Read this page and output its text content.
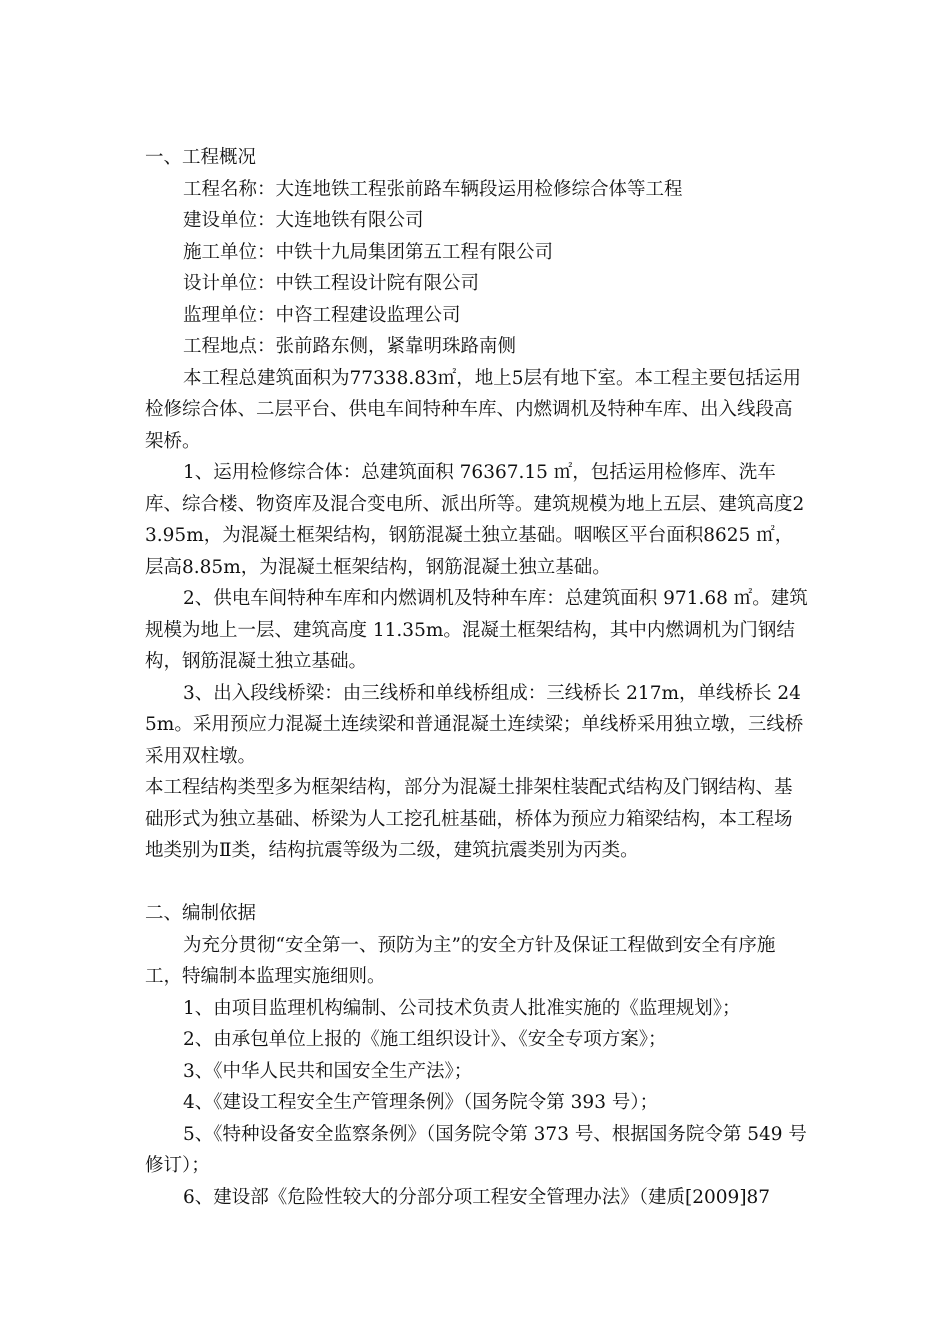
一、工程概况

工程名称：大连地铁工程张前路车辆段运用检修综合体等工程

建设单位：大连地铁有限公司

施工单位：中铁十九局集团第五工程有限公司

设计单位：中铁工程设计院有限公司

监理单位：中咨工程建设监理公司

工程地点：张前路东侧，紧靠明珠路南侧

本工程总建筑面积为77338.83㎡，地上5层有地下室。本工程主要包括运用检修综合体、二层平台、供电车间特种车库、内燃调机及特种车库、出入线段高架桥。

1、运用检修综合体：总建筑面积 76367.15 ㎡，包括运用检修库、洗车库、综合楼、物资库及混合变电所、派出所等。建筑规模为地上五层、建筑高度23.95m，为混凝土框架结构，钢筋混凝土独立基础。咽喉区平台面积8625 ㎡，层高8.85m，为混凝土框架结构，钢筋混凝土独立基础。

2、供电车间特种车库和内燃调机及特种车库：总建筑面积 971.68 ㎡。建筑规模为地上一层、建筑高度 11.35m。混凝土框架结构，其中内燃调机为门钢结构，钢筋混凝土独立基础。

3、出入段线桥梁：由三线桥和单线桥组成：三线桥长 217m，单线桥长 245m。采用预应力混凝土连续梁和普通混凝土连续梁；单线桥采用独立墩，三线桥采用双柱墩。

本工程结构类型多为框架结构，部分为混凝土排架柱装配式结构及门钢结构、基础形式为独立基础、桥梁为人工挖孔桩基础，桥体为预应力箱梁结构，本工程场地类别为Ⅱ类，结构抗震等级为二级，建筑抗震类别为丙类。

二、编制依据

为充分贯彻“安全第一、预防为主”的安全方针及保证工程做到安全有序施工，特编制本监理实施细则。

1、由项目监理机构编制、公司技术负责人批准实施的《监理规划》；

2、由承包单位上报的《施工组织设计》、《安全专项方案》；

3、《中华人民共和国安全生产法》；

4、《建设工程安全生产管理条例》（国务院令第 393 号）；

5、《特种设备安全监察条例》（国务院令第 373 号、根据国务院令第 549 号修订）；

6、建设部《危险性较大的分部分项工程安全管理办法》（建质[2009]87
